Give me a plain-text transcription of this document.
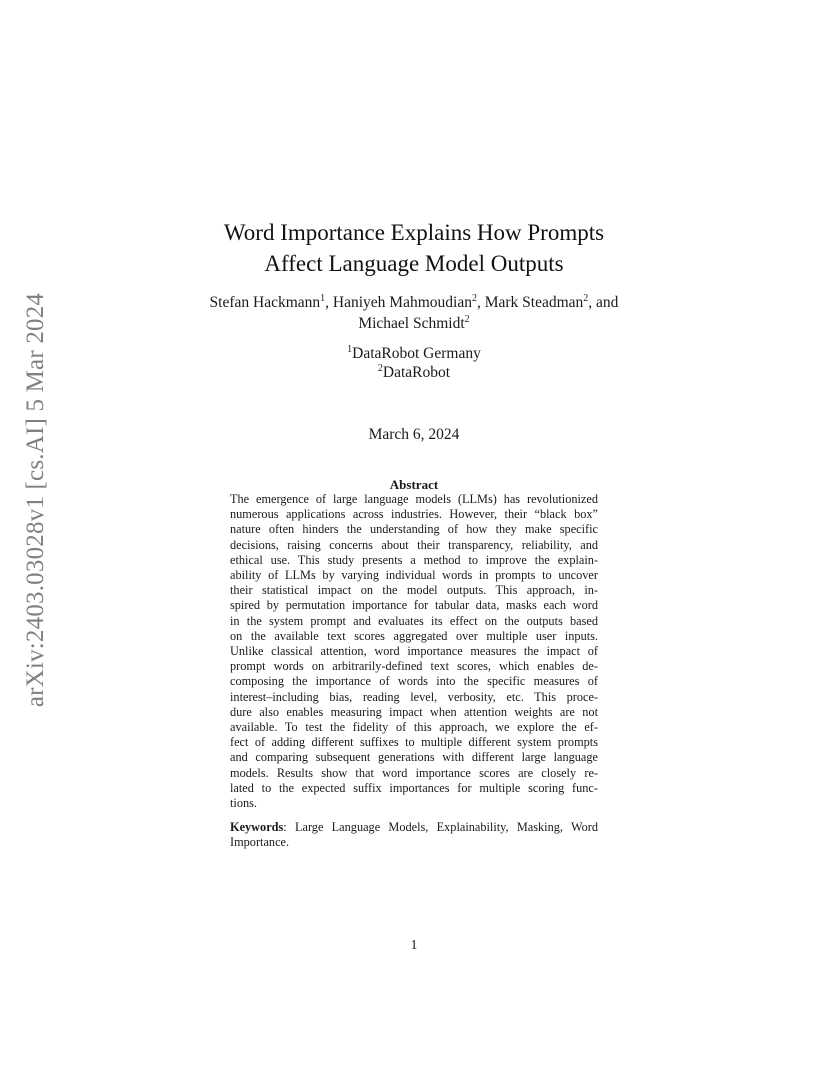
arXiv:2403.03028v1 [cs.AI] 5 Mar 2024
Word Importance Explains How Prompts
Affect Language Model Outputs
Stefan Hackmann$^1$, Haniyeh Mahmoudian$^2$, Mark Steadman$^2$, and
Michael Schmidt$^2$
$^1$DataRobot Germany
$^2$DataRobot
March 6, 2024
Abstract
The emergence of large language models (LLMs) has revolutionized
numerous applications across industries. However, their “black box”
nature often hinders the understanding of how they make specific
decisions, raising concerns about their transparency, reliability, and
ethical use. This study presents a method to improve the explain-
ability of LLMs by varying individual words in prompts to uncover
their statistical impact on the model outputs. This approach, in-
spired by permutation importance for tabular data, masks each word
in the system prompt and evaluates its effect on the outputs based
on the available text scores aggregated over multiple user inputs.
Unlike classical attention, word importance measures the impact of
prompt words on arbitrarily-defined text scores, which enables de-
composing the importance of words into the specific measures of
interest–including bias, reading level, verbosity, etc. This proce-
dure also enables measuring impact when attention weights are not
available. To test the fidelity of this approach, we explore the ef-
fect of adding different suffixes to multiple different system prompts
and comparing subsequent generations with different large language
models. Results show that word importance scores are closely re-
lated to the expected suffix importances for multiple scoring func-
tions.
Keywords: Large Language Models, Explainability, Masking, Word
Importance.
1
